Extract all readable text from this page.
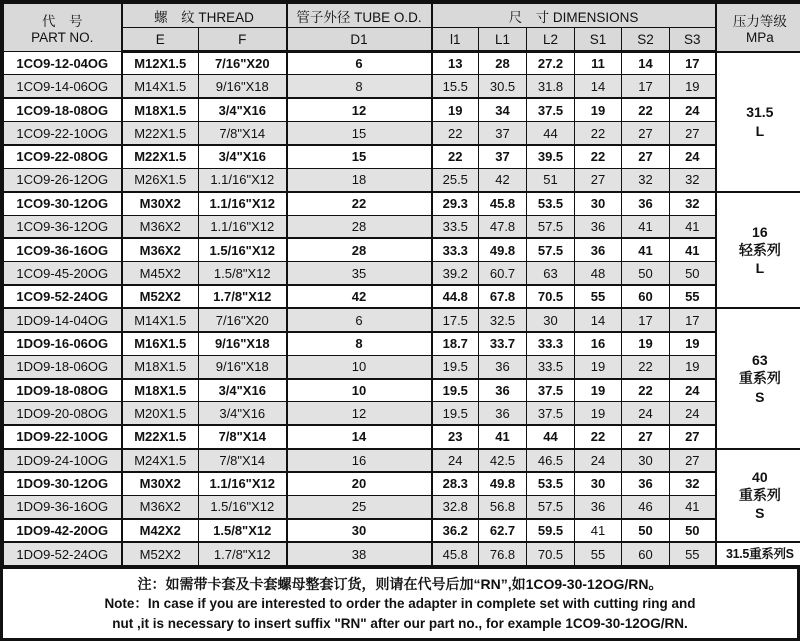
代　号
PART NO.
	螺　纹 THREAD	管子外径 TUBE O.D.	尺　寸 DIMENSIONS	压力等级
MPa

	E	F	D1	l1	L1	L2	S1	S2	S3	
1CO9-12-04OG	M12X1.5	7/16"X20	6	13	28	27.2	11	14	17	31.5
L

1CO9-14-06OG	M14X1.5	9/16"X18	8	15.5	30.5	31.8	14	17	19	
1CO9-18-08OG	M18X1.5	3/4"X16	12	19	34	37.5	19	22	24	
1CO9-22-10OG	M22X1.5	7/8"X14	15	22	37	44	22	27	27	
1CO9-22-08OG	M22X1.5	3/4"X16	15	22	37	39.5	22	27	24	
1CO9-26-12OG	M26X1.5	1.1/16"X12	18	25.5	42	51	27	32	32	
1CO9-30-12OG	M30X2	1.1/16"X12	22	29.3	45.8	53.5	30	36	32	16
轻系列
L

1CO9-36-12OG	M36X2	1.1/16"X12	28	33.5	47.8	57.5	36	41	41	
1CO9-36-16OG	M36X2	1.5/16"X12	28	33.3	49.8	57.5	36	41	41	
1CO9-45-20OG	M45X2	1.5/8"X12	35	39.2	60.7	63	48	50	50	
1CO9-52-24OG	M52X2	1.7/8"X12	42	44.8	67.8	70.5	55	60	55	
1DO9-14-04OG	M14X1.5	7/16"X20	6	17.5	32.5	30	14	17	17	63
重系列
S

1DO9-16-06OG	M16X1.5	9/16"X18	8	18.7	33.7	33.3	16	19	19	
1DO9-18-06OG	M18X1.5	9/16"X18	10	19.5	36	33.5	19	22	19	
1DO9-18-08OG	M18X1.5	3/4"X16	10	19.5	36	37.5	19	22	24	
1DO9-20-08OG	M20X1.5	3/4"X16	12	19.5	36	37.5	19	24	24	
1DO9-22-10OG	M22X1.5	7/8"X14	14	23	41	44	22	27	27	
1DO9-24-10OG	M24X1.5	7/8"X14	16	24	42.5	46.5	24	30	27	40
重系列
S

1DO9-30-12OG	M30X2	1.1/16"X12	20	28.3	49.8	53.5	30	36	32	
1DO9-36-16OG	M36X2	1.5/16"X12	25	32.8	56.8	57.5	36	46	41	
1DO9-42-20OG	M42X2	1.5/8"X12	30	36.2	62.7	59.5	41	50	50	
1DO9-52-24OG	M52X2	1.7/8"X12	38	45.8	76.8	70.5	55	60	55	31.5重系列S
注：如需带卡套及卡套螺母整套订货，则请在代号后加“RN”,如1CO9-30-12OG/RN。
Note：In case if you are interested to order the adapter in complete set with cutting ring and
nut ,it is necessary to insert suffix "RN" after our part no., for example 1CO9-30-12OG/RN.
